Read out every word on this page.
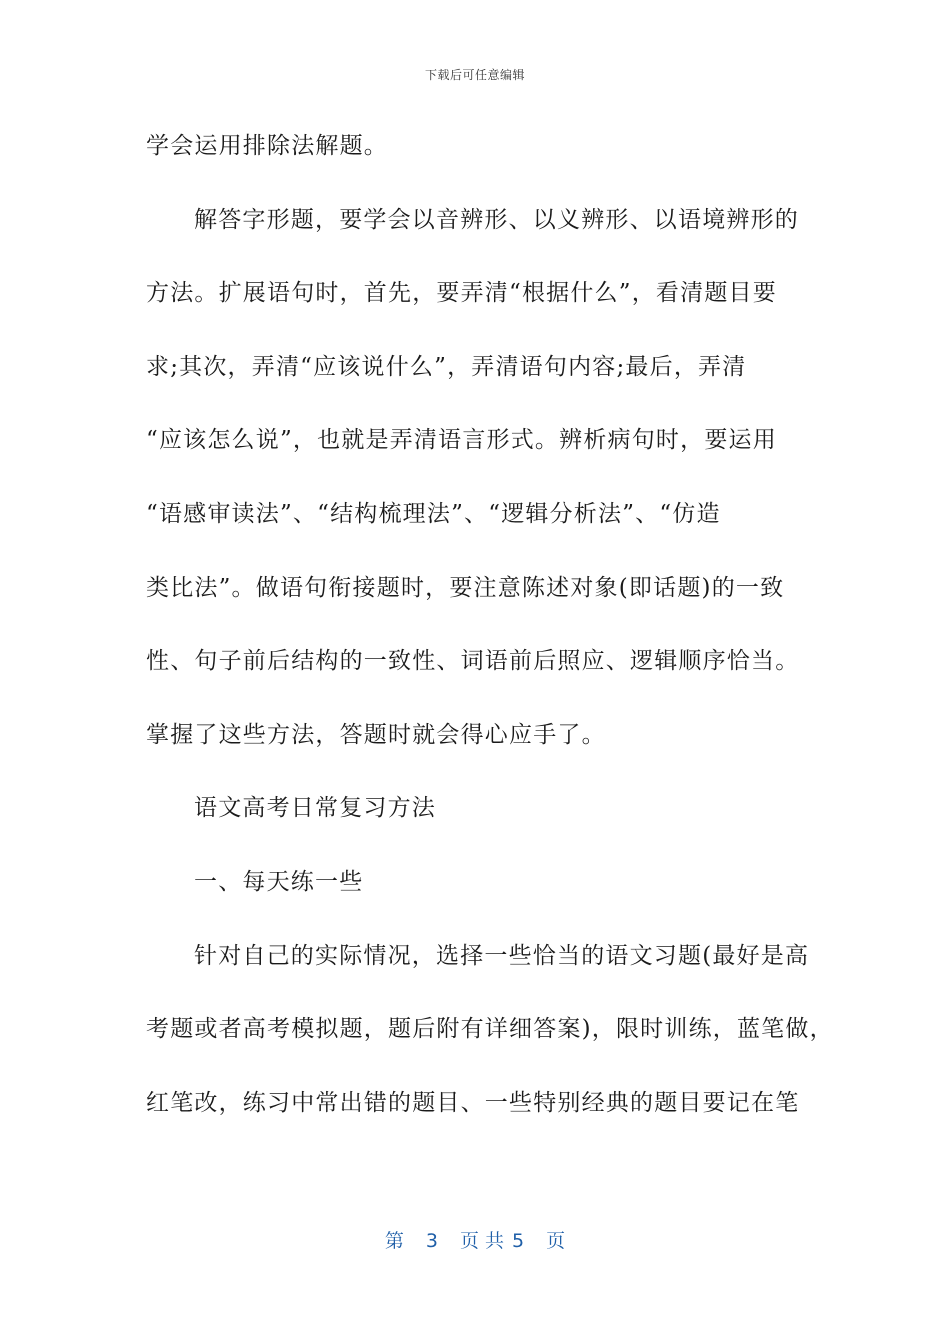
下载后可任意编辑
学会运用排除法解题。
解答字形题，要学会以音辨形、以义辨形、以语境辨形的
方法。扩展语句时，首先，要弄清“根据什么”，看清题目要
求;其次，弄清“应该说什么”，弄清语句内容;最后，弄清
“应该怎么说”，也就是弄清语言形式。辨析病句时，要运用
“语感审读法”、“结构梳理法”、“逻辑分析法”、“仿造
类比法”。做语句衔接题时，要注意陈述对象(即话题)的一致
性、句子前后结构的一致性、词语前后照应、逻辑顺序恰当。
掌握了这些方法，答题时就会得心应手了。
语文高考日常复习方法
一、每天练一些
针对自己的实际情况，选择一些恰当的语文习题(最好是高
考题或者高考模拟题，题后附有详细答案)，限时训练，蓝笔做，
红笔改，练习中常出错的题目、一些特别经典的题目要记在笔
第 3 页 共 5 页
